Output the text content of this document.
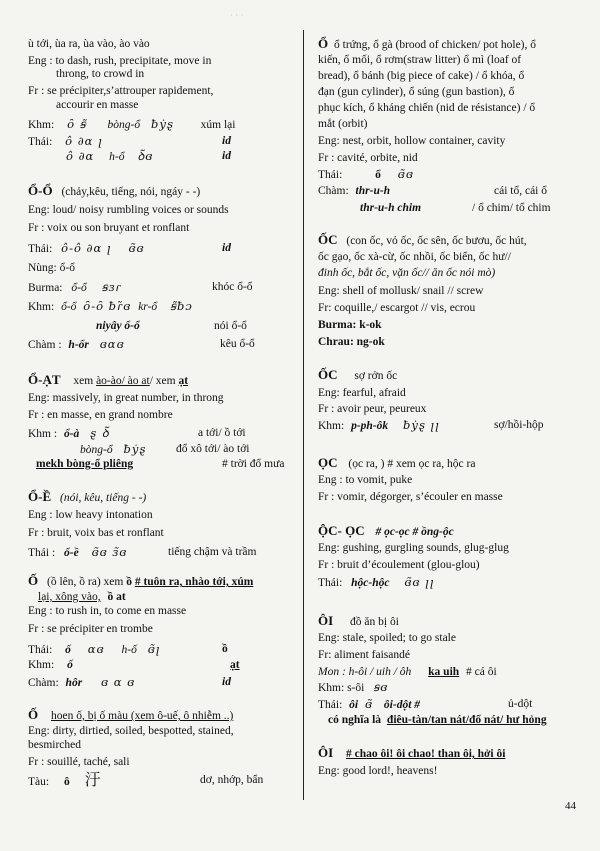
· · ·
ù tới, ùa ra, ùa vào, ào vào
Eng : to dash, rush, precipitate, move in
throng, to crowd in
Fr : se précipiter,s’attrouper rapidement,
accourir en masse
Khm: ȏ ꞩ̃ bòng-ổ ƀẏȿ xúm lại
Thái: ô ∂ɑ ꞁ	id
ô ∂ɑ h-ổ ꝺ̃ɞ	id
Ổ-Ổ (chảy,kêu, tiếng, nói, ngáy - -)
Eng: loud/ noisy rumbling voices or sounds
Fr : voix ou son bruyant et ronflant
Thái: ô-ô ∂ɑ ꞁ ɞ̃ɞ	id
Nùng: ổ-ổ
Burma: ổ-ổ ꞩɜɾ	khóc ổ-ổ
Khm: ổ-ổ ȏ-ȏ ƀɾ̃ɞ kr-ổ ꞩ̃ƀɔ
niyây ổ-ổ	nói ổ-ổ
Chàm : h-ổr ɞɑɞ	kêu ổ-ổ
Ổ-ẠT xem ào-ào/ ào at/ xem ạt
Eng: massively, in great number, in throng
Fr : en masse, en grand nombre
Khm : ổ-à ȿ ꝺ̃	a tới/ ồ tới
bòng-ổ ƀẏȿ	đổ xô tới/ ào tới
mekh bòng-ổ pliêng	# trời đổ mưa
Ổ-Ề (nói, kêu, tiếng - -)
Eng : low heavy intonation
Fr : bruit, voix bas et ronflant
Thái : ổ-ề ɞ̃ɞ ɜ̃ɞ	tiếng chậm và trầm
Ố (ồ lên, ồ ra) xem ồ # tuôn ra, nhào tới, xúm
lại, xông vào, ồ at
Eng : to rush in, to come en masse
Fr : se précipiter en trombe
Thái: ố ɑɞ h-ố ɞ̃ꞁ	ồ
Khm: ố	ạt
Chàm: hôr ɞ ɑ ɞ	id
Ố hoen ố, bị ố màu (xem ô-uế, ô nhiễm ..)
Eng: dirty, dirtied, soiled, bespotted, stained,
besmirched
Fr : souillé, taché, sali
Tàu: ô 汙	dơ, nhớp, bẩn
Ổ ổ trứng, ổ gà (brood of chicken/ pot hole), ổ
kiến, ổ mối, ổ rơm(straw litter) ổ mì (loaf of
bread), ổ bánh (big piece of cake) / ổ khóa, ổ
đạn (gun cylinder), ổ súng (gun bastion), ổ
phục kích, ổ kháng chiến (nid de résistance) / ổ
mắt (orbit)
Eng: nest, orbit, hollow container, cavity
Fr : cavité, orbite, nid
Thái:	ổ ɞ̃ɞ
Chàm: thr-u-h	cái tổ, cái ổ
thr-u-h chim	/ ổ chim/ tổ chim
ỐC (con ốc, vỏ ốc, ốc sên, ốc bươu, ốc hút,
ốc gạo, ốc xà-cừ, ốc nhồi, ốc biển, ốc hư//
đinh ốc, bắt ốc, vặn ốc// ăn ốc nói mò)
Eng: shell of mollusk/ snail // screw
Fr: coquille,/ escargot // vis, ecrou
Burma: k-ok
Chrau: ng-ok
ỐC sợ rởn ốc
Eng: fearful, afraid
Fr : avoir peur, peureux
Khm: p-ph-ôk ƀẏȿ ꞁꞁ	sợ/hồi-hộp
ỌC (ọc ra, ) # xem ọc ra, hộc ra
Eng : to vomit, puke
Fr : vomir, dégorger, s’écouler en masse
ỘC- ỌC # ọc-ọc # ồng-ộc
Eng: gushing, gurgling sounds, glug-glug
Fr : bruit d’écoulement (glou-glou)
Thái: hộc-hộc ɞ̃ɞ ꞁꞁ
ÔI đồ ăn bị ôi
Eng: stale, spoiled; to go stale
Fr: aliment faisandé
Mon : h-ôi / uih / ôh ka uih # cá ôi
Khm: s-ôi ꞩɞ
Thái: ôi ɞ̃ ôi-dột #	ủ-dột
có nghĩa là điêu-tàn/tan nát/đổ nát/ hư hỏng
ÔI # chao ôi! ôi chao! than ôi, hởi ôi
Eng: good lord!, heavens!
44
